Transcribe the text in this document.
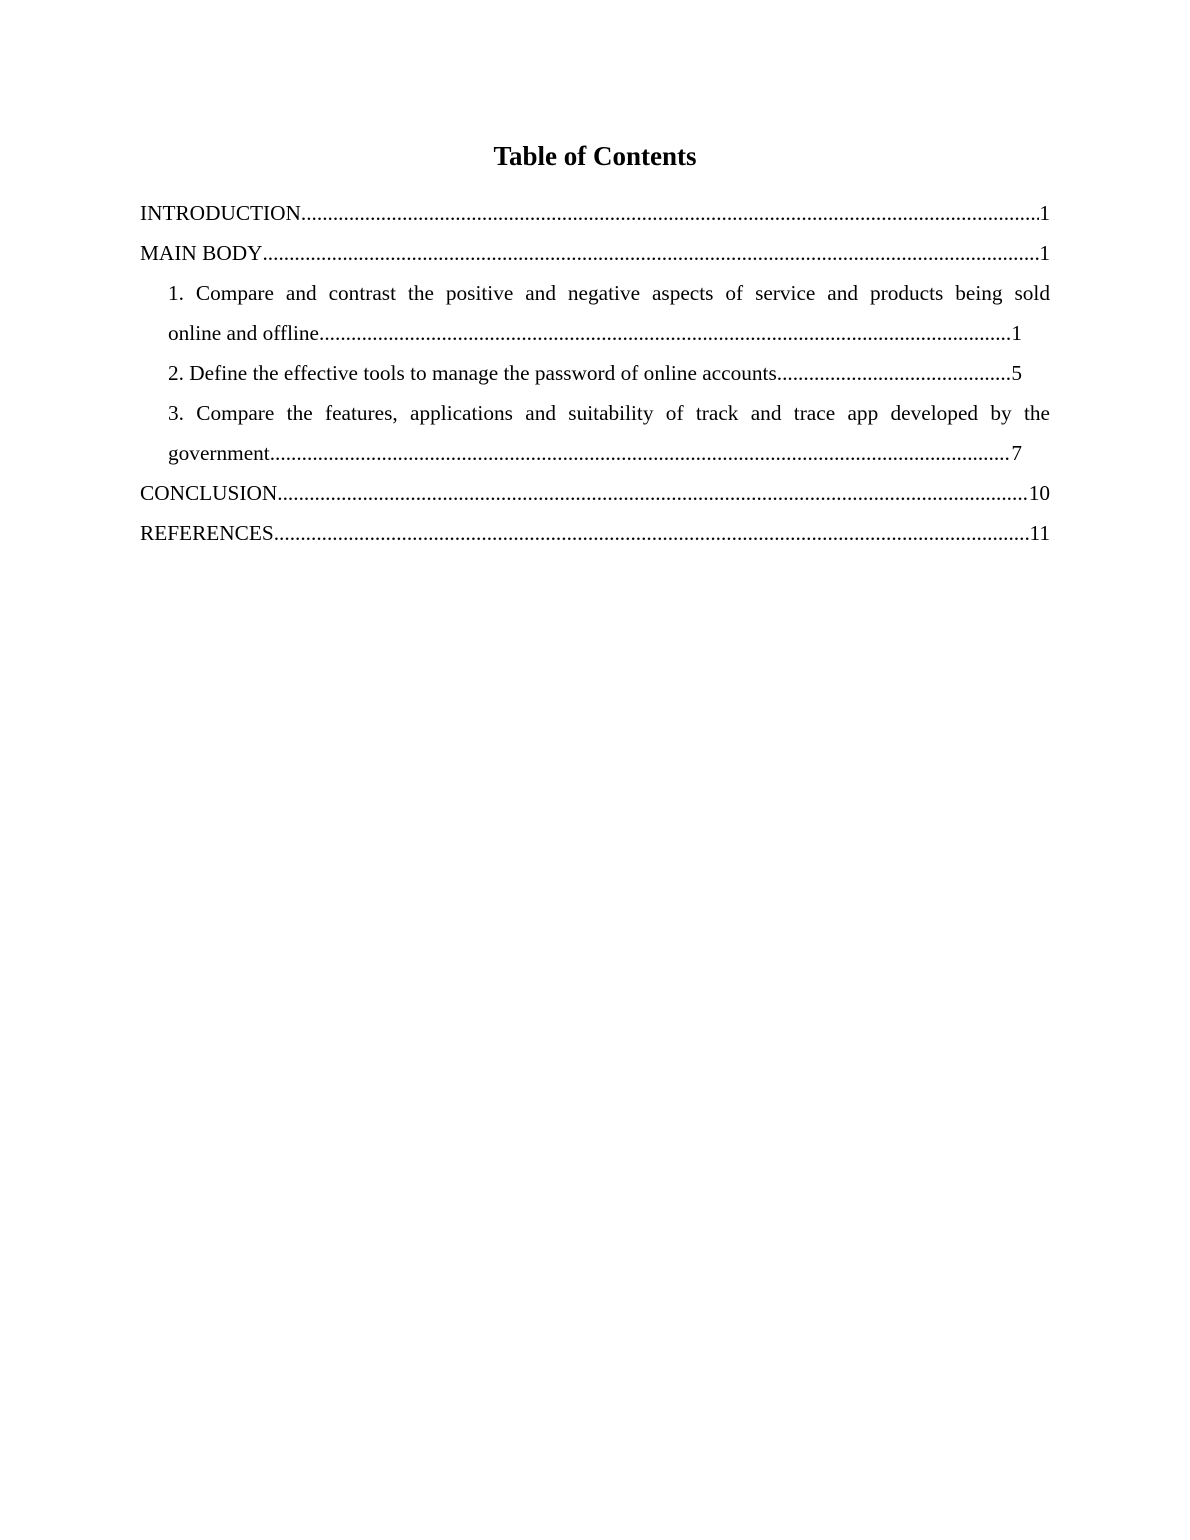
Table of Contents
INTRODUCTION .....	1
MAIN BODY .....	1
1. Compare and contrast the positive and negative aspects of service and products being sold
online and offline .....	1
2. Define the effective tools to manage the password of online accounts .....	5
3. Compare the features, applications and suitability of track and trace app developed by the
government .....	7
CONCLUSION .....	10
REFERENCES .....	11
